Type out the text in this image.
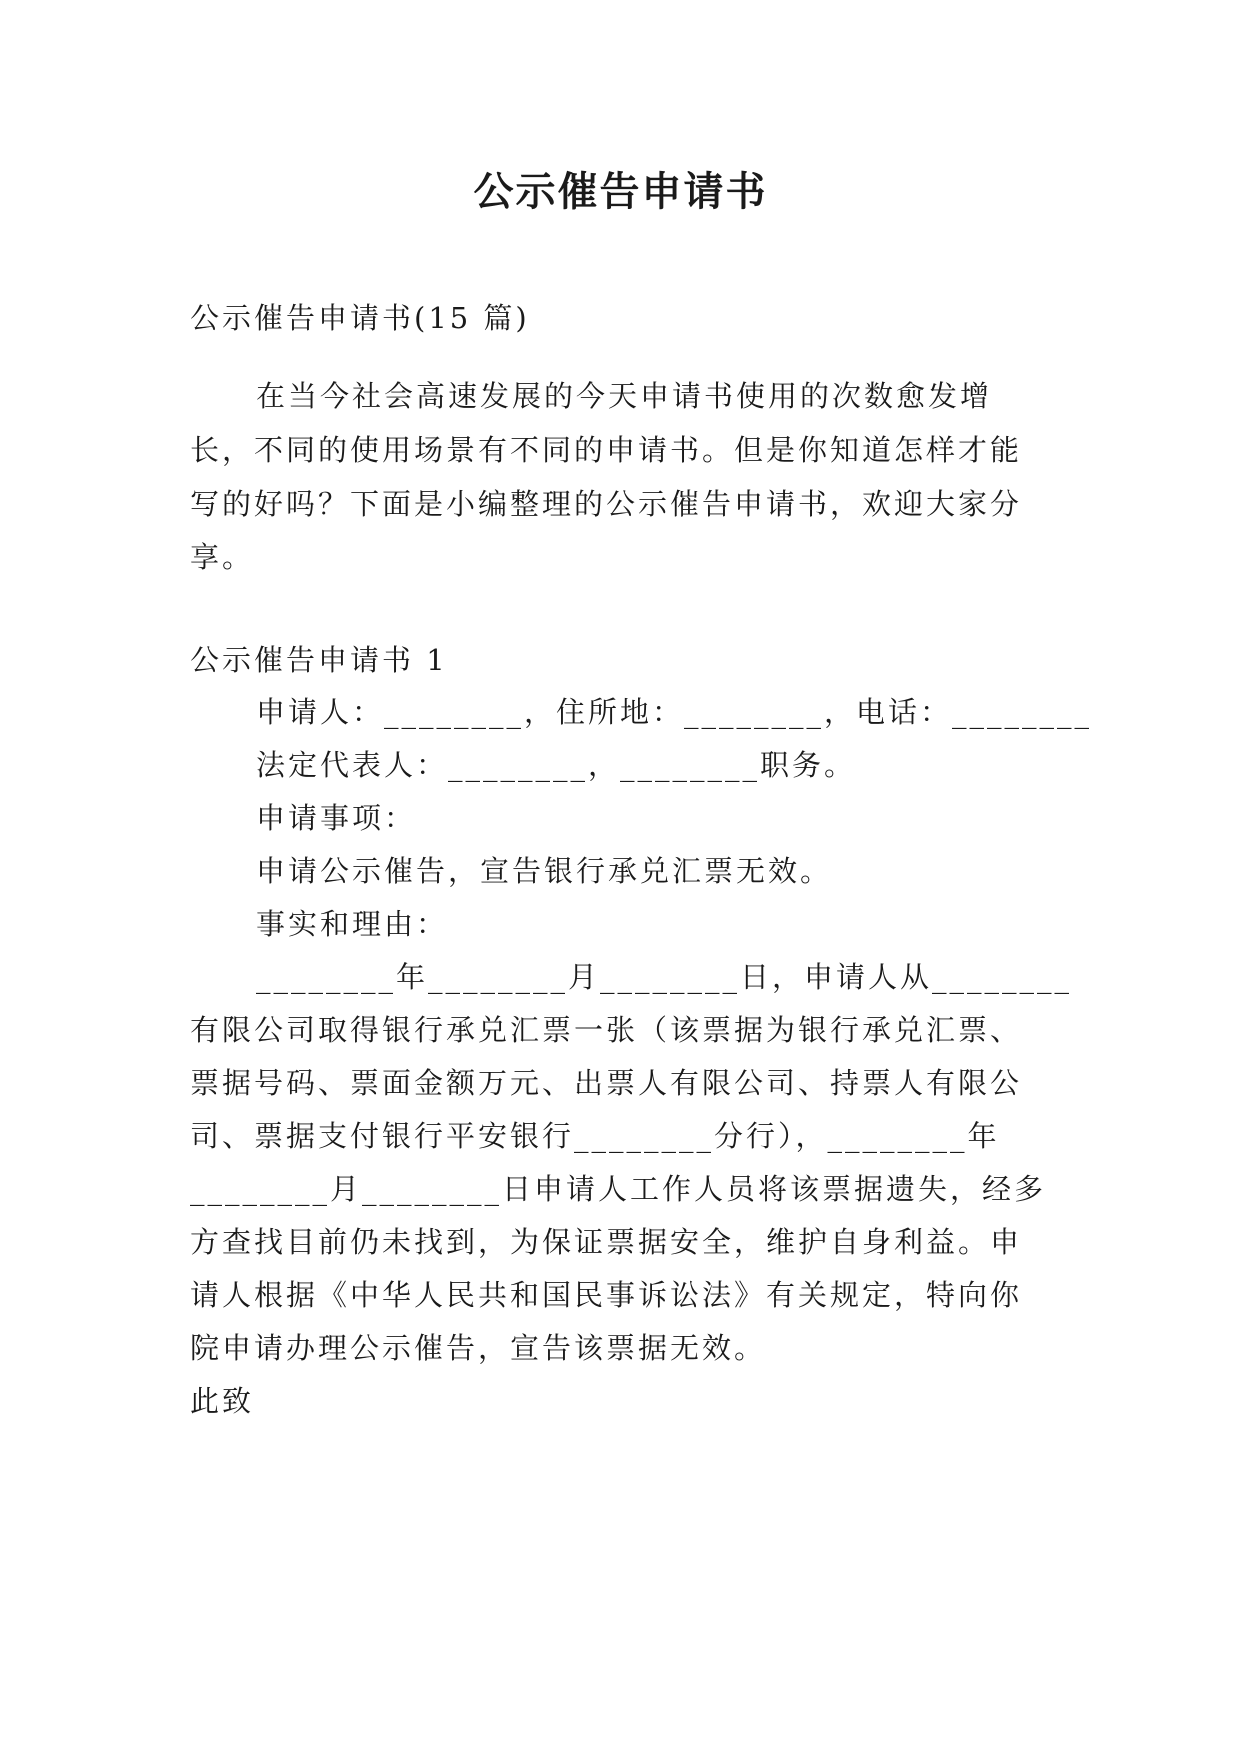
公示催告申请书
公示催告申请书(15 篇)
在当今社会高速发展的今天申请书使用的次数愈发增
长，不同的使用场景有不同的申请书。但是你知道怎样才能
写的好吗？下面是小编整理的公示催告申请书，欢迎大家分
享。
公示催告申请书 1
申请人：________，住所地：________，电话：________
法定代表人：________，________职务。
申请事项：
申请公示催告，宣告银行承兑汇票无效。
事实和理由：
________年________月________日，申请人从________
有限公司取得银行承兑汇票一张（该票据为银行承兑汇票、
票据号码、票面金额万元、出票人有限公司、持票人有限公
司、票据支付银行平安银行________分行），________年
________月________日申请人工作人员将该票据遗失，经多
方查找目前仍未找到，为保证票据安全，维护自身利益。申
请人根据《中华人民共和国民事诉讼法》有关规定，特向你
院申请办理公示催告，宣告该票据无效。
此致
